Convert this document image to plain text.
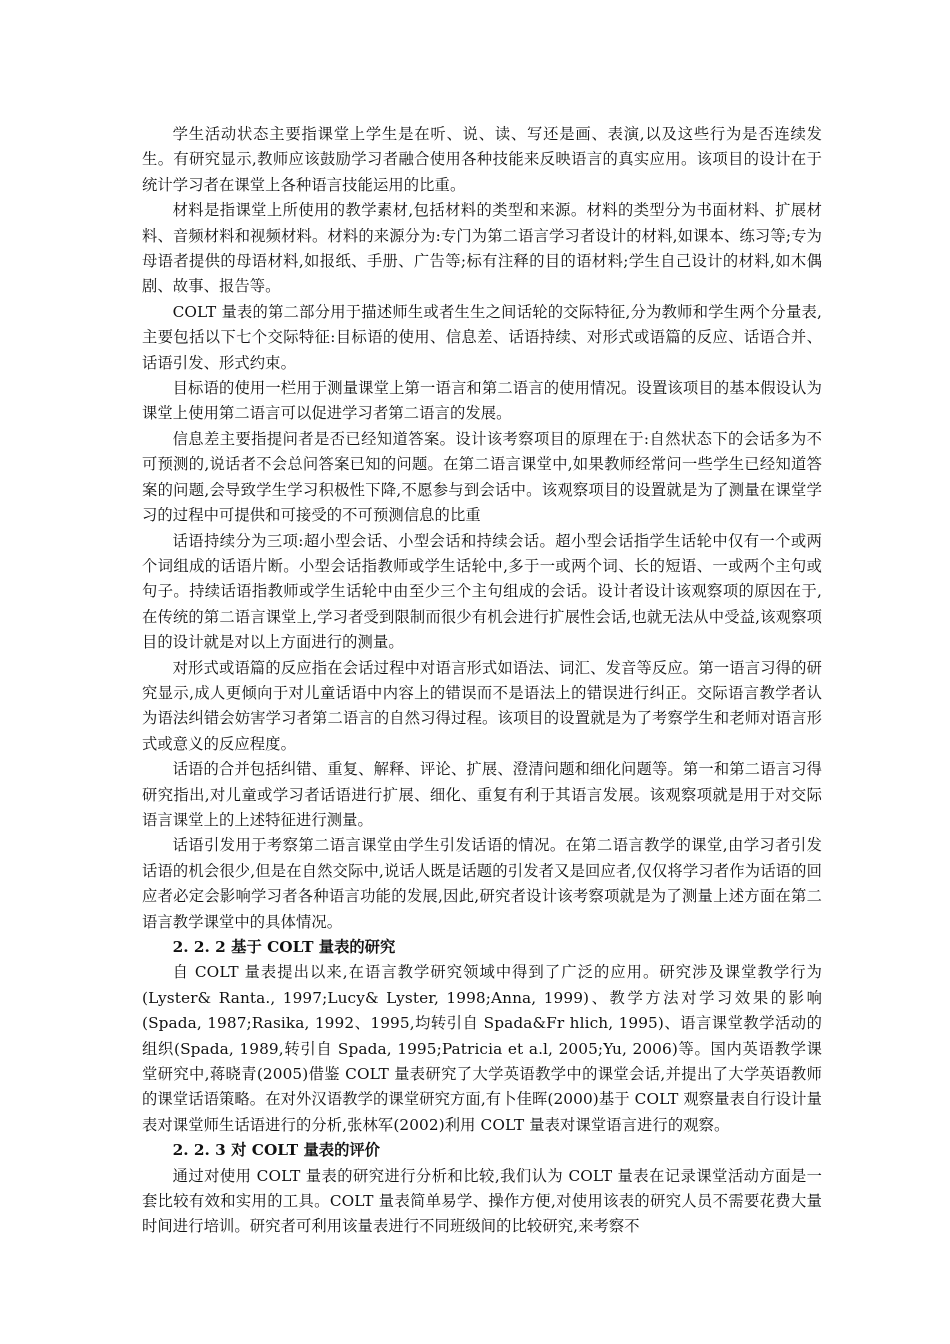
学生活动状态主要指课堂上学生是在听、说、读、写还是画、表演,以及这些行为是否连续发生。有研究显示,教师应该鼓励学习者融合使用各种技能来反映语言的真实应用。该项目的设计在于统计学习者在课堂上各种语言技能运用的比重。

材料是指课堂上所使用的教学素材,包括材料的类型和来源。材料的类型分为书面材料、扩展材料、音频材料和视频材料。材料的来源分为:专门为第二语言学习者设计的材料,如课本、练习等;专为母语者提供的母语材料,如报纸、手册、广告等;标有注释的目的语材料;学生自己设计的材料,如木偶剧、故事、报告等。

COLT 量表的第二部分用于描述师生或者生生之间话轮的交际特征,分为教师和学生两个分量表,主要包括以下七个交际特征:目标语的使用、信息差、话语持续、对形式或语篇的反应、话语合并、话语引发、形式约束。

目标语的使用一栏用于测量课堂上第一语言和第二语言的使用情况。设置该项目的基本假设认为课堂上使用第二语言可以促进学习者第二语言的发展。

信息差主要指提问者是否已经知道答案。设计该考察项目的原理在于:自然状态下的会话多为不可预测的,说话者不会总问答案已知的问题。在第二语言课堂中,如果教师经常问一些学生已经知道答案的问题,会导致学生学习积极性下降,不愿参与到会话中。该观察项目的设置就是为了测量在课堂学习的过程中可提供和可接受的不可预测信息的比重

话语持续分为三项:超小型会话、小型会话和持续会话。超小型会话指学生话轮中仅有一个或两个词组成的话语片断。小型会话指教师或学生话轮中,多于一或两个词、长的短语、一或两个主句或句子。持续话语指教师或学生话轮中由至少三个主句组成的会话。设计者设计该观察项的原因在于,在传统的第二语言课堂上,学习者受到限制而很少有机会进行扩展性会话,也就无法从中受益,该观察项目的设计就是对以上方面进行的测量。

对形式或语篇的反应指在会话过程中对语言形式如语法、词汇、发音等反应。第一语言习得的研究显示,成人更倾向于对儿童话语中内容上的错误而不是语法上的错误进行纠正。交际语言教学者认为语法纠错会妨害学习者第二语言的自然习得过程。该项目的设置就是为了考察学生和老师对语言形式或意义的反应程度。

话语的合并包括纠错、重复、解释、评论、扩展、澄清问题和细化问题等。第一和第二语言习得研究指出,对儿童或学习者话语进行扩展、细化、重复有利于其语言发展。该观察项就是用于对交际语言课堂上的上述特征进行测量。

话语引发用于考察第二语言课堂由学生引发话语的情况。在第二语言教学的课堂,由学习者引发话语的机会很少,但是在自然交际中,说话人既是话题的引发者又是回应者,仅仅将学习者作为话语的回应者必定会影响学习者各种语言功能的发展,因此,研究者设计该考察项就是为了测量上述方面在第二语言教学课堂中的具体情况。

2. 2. 2 基于 COLT 量表的研究

自 COLT 量表提出以来,在语言教学研究领域中得到了广泛的应用。研究涉及课堂教学行为(Lyster& Ranta., 1997;Lucy& Lyster, 1998;Anna, 1999)、教学方法对学习效果的影响(Spada, 1987;Rasika, 1992、1995,均转引自 Spada&Fr hlich, 1995)、语言课堂教学活动的组织(Spada, 1989,转引自 Spada, 1995;Patricia et a.l, 2005;Yu, 2006)等。国内英语教学课堂研究中,蒋晓青(2005)借鉴 COLT 量表研究了大学英语教学中的课堂会话,并提出了大学英语教师的课堂话语策略。在对外汉语教学的课堂研究方面,有卜佳晖(2000)基于 COLT 观察量表自行设计量表对课堂师生话语进行的分析,张林军(2002)利用 COLT 量表对课堂语言进行的观察。

2. 2. 3 对 COLT 量表的评价

通过对使用 COLT 量表的研究进行分析和比较,我们认为 COLT 量表在记录课堂活动方面是一套比较有效和实用的工具。COLT 量表简单易学、操作方便,对使用该表的研究人员不需要花费大量时间进行培训。研究者可利用该量表进行不同班级间的比较研究,来考察不
